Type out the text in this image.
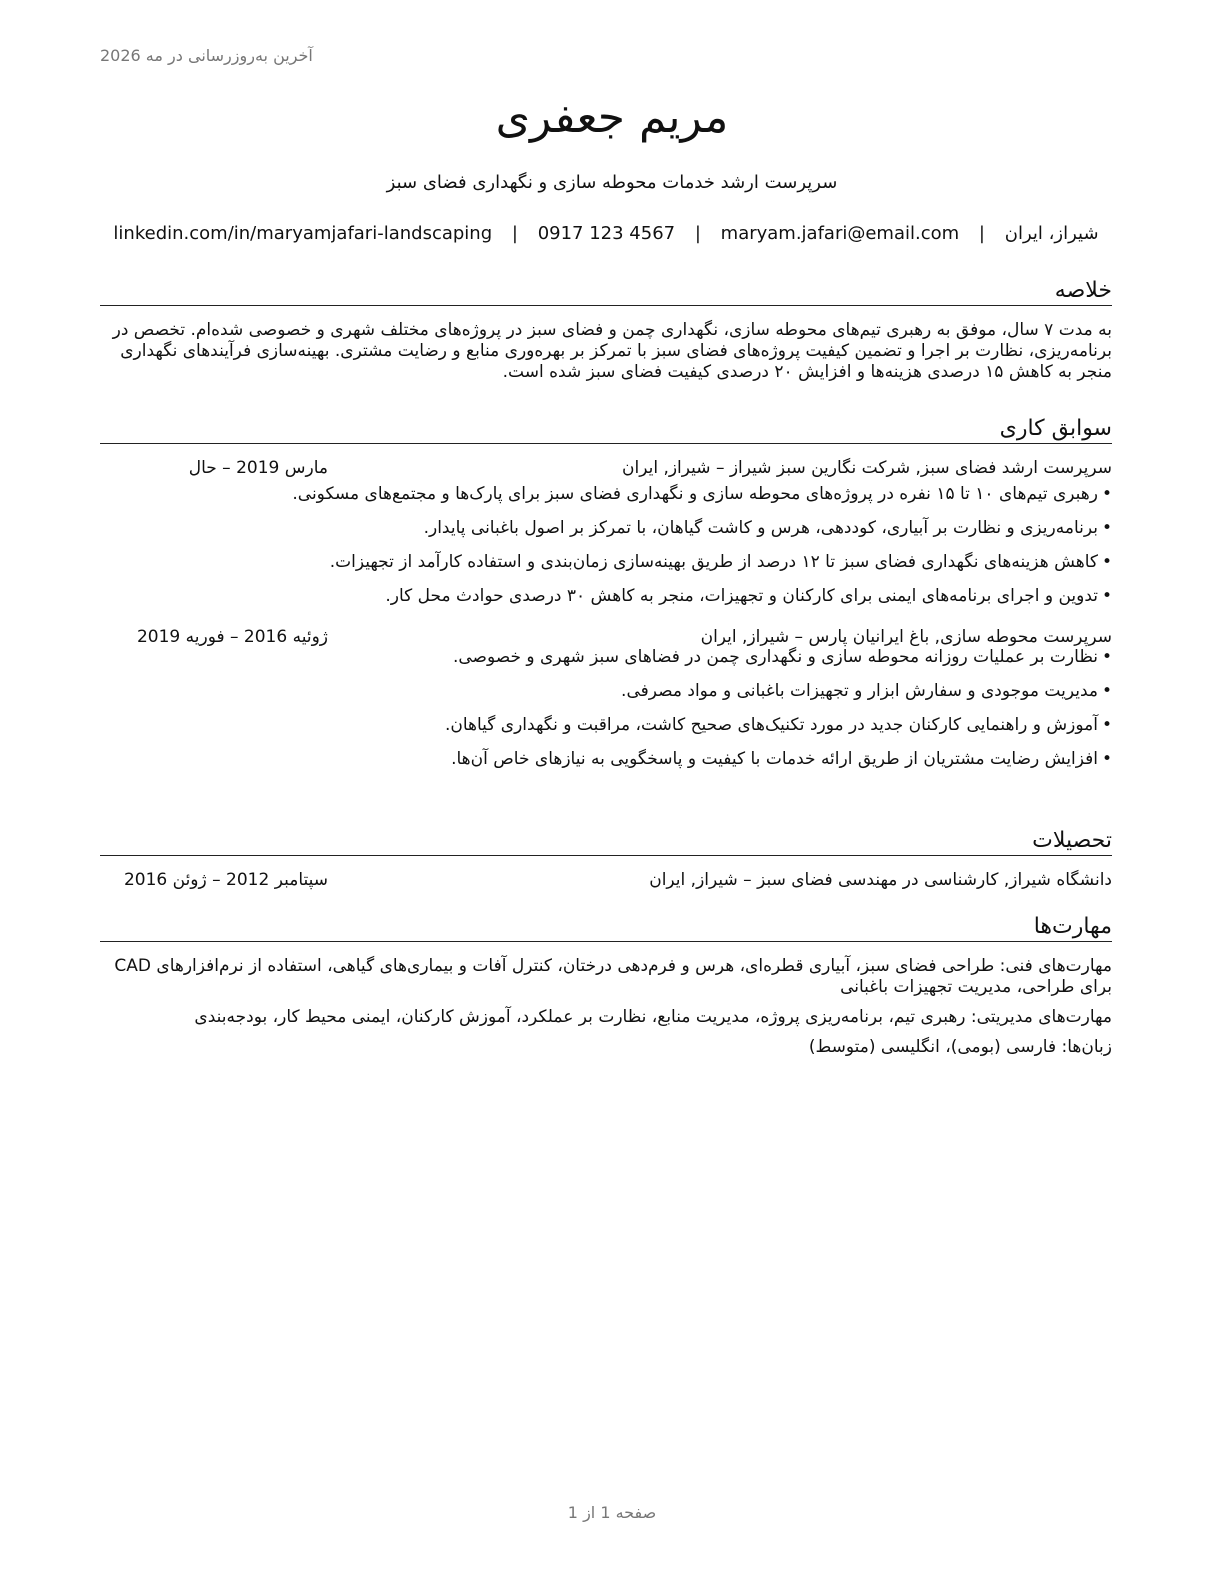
آخرین به‌روزرسانی در مه 2026
مریم جعفری
سرپرست ارشد خدمات محوطه سازی و نگهداری فضای سبز
شیراز، ایران | maryam.jafari@email.com | 0917 123 4567 | linkedin.com/in/maryamjafari-landscaping
خلاصه
به مدت ۷ سال، موفق به رهبری تیم‌های محوطه سازی، نگهداری چمن و فضای سبز در پروژه‌های مختلف شهری و خصوصی شده‌ام. تخصص در برنامه‌ریزی، نظارت بر اجرا و تضمین کیفیت پروژه‌های فضای سبز با تمرکز بر بهره‌وری منابع و رضایت مشتری. بهینه‌سازی فرآیندهای نگهداری منجر به کاهش ۱۵ درصدی هزینه‌ها و افزایش ۲۰ درصدی کیفیت فضای سبز شده است.
سوابق کاری
سرپرست ارشد فضای سبز, شرکت نگارین سبز شیراز – شیراز, ایران
مارس 2019 – حال
• رهبری تیم‌های ۱۰ تا ۱۵ نفره در پروژه‌های محوطه سازی و نگهداری فضای سبز برای پارک‌ها و مجتمع‌های مسکونی.
• برنامه‌ریزی و نظارت بر آبیاری، کوددهی، هرس و کاشت گیاهان، با تمرکز بر اصول باغبانی پایدار.
• کاهش هزینه‌های نگهداری فضای سبز تا ۱۲ درصد از طریق بهینه‌سازی زمان‌بندی و استفاده کارآمد از تجهیزات.
• تدوین و اجرای برنامه‌های ایمنی برای کارکنان و تجهیزات، منجر به کاهش ۳۰ درصدی حوادث محل کار.
سرپرست محوطه سازی, باغ ایرانیان پارس – شیراز, ایران
ژوئیه 2016 – فوریه 2019
• نظارت بر عملیات روزانه محوطه سازی و نگهداری چمن در فضاهای سبز شهری و خصوصی.
• مدیریت موجودی و سفارش ابزار و تجهیزات باغبانی و مواد مصرفی.
• آموزش و راهنمایی کارکنان جدید در مورد تکنیک‌های صحیح کاشت، مراقبت و نگهداری گیاهان.
• افزایش رضایت مشتریان از طریق ارائه خدمات با کیفیت و پاسخگویی به نیازهای خاص آن‌ها.
تحصیلات
دانشگاه شیراز, کارشناسی در مهندسی فضای سبز – شیراز, ایران
سپتامبر 2012 – ژوئن 2016
مهارت‌ها

مهارت‌های فنی: طراحی فضای سبز، آبیاری قطره‌ای، هرس و فرم‌دهی درختان، کنترل آفات و بیماری‌های گیاهی، استفاده از نرم‌افزارهای CAD برای طراحی، مدیریت تجهیزات باغبانی

مهارت‌های مدیریتی: رهبری تیم، برنامه‌ریزی پروژه، مدیریت منابع، نظارت بر عملکرد، آموزش کارکنان، ایمنی محیط کار، بودجه‌بندی

زبان‌ها: فارسی (بومی)، انگلیسی (متوسط)

صفحه 1 از 1
